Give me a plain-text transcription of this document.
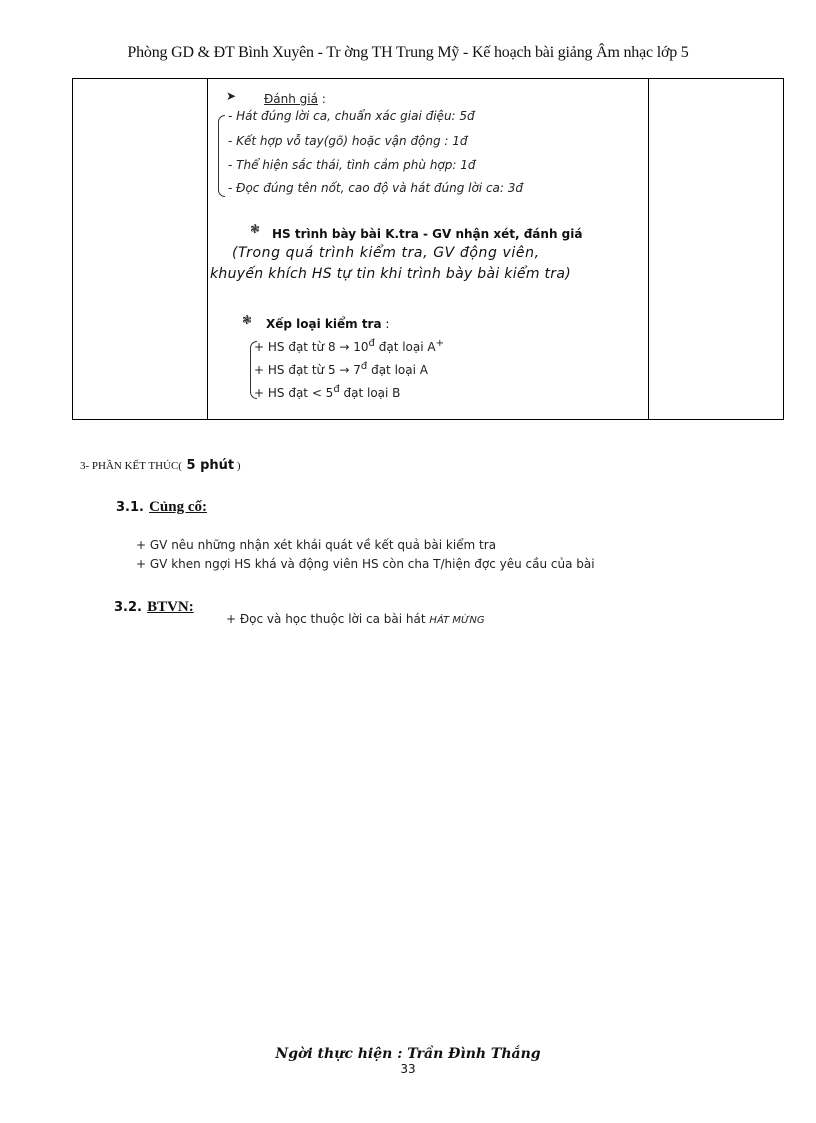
Phòng GD & ĐT Bình Xuyên - Tr ờng TH Trung Mỹ - Kế hoạch bài giảng Âm nhạc lớp 5
➤ Đánh giá :
- Hát đúng lời ca, chuẩn xác giai điệu: 5đ
- Kết hợp vỗ tay(gõ) hoặc vận động : 1đ
- Thể hiện sắc thái, tình cảm phù hợp: 1đ
- Đọc đúng tên nốt, cao độ và hát đúng lời ca: 3đ
❃ HS trình bày bài K.tra - GV nhận xét, đánh giá
(Trong quá trình kiểm tra, GV động viên,
khuyến khích HS tự tin khi trình bày bài kiểm tra)
❃ Xếp loại kiểm tra :
+ HS đạt từ $8 \to 10^đ$ đạt loại A+
+ HS đạt từ $5 \to 7^đ$ đạt loại A
+ HS đạt < $5^đ$ đạt loại B
3- PHẦN KẾT THÚC( 5 phút )
3.1. Củng cố:
+ GV nêu những nhận xét khái quát về kết quả bài kiểm tra
+ GV khen ngợi HS khá và động viên HS còn cha T/hiện đợc yêu cầu của bài
3.2. BTVN:
+ Đọc và học thuộc lời ca bài hát HÁT MỪNG
Ngời thực hiện : Trần Đình Thắng
33
